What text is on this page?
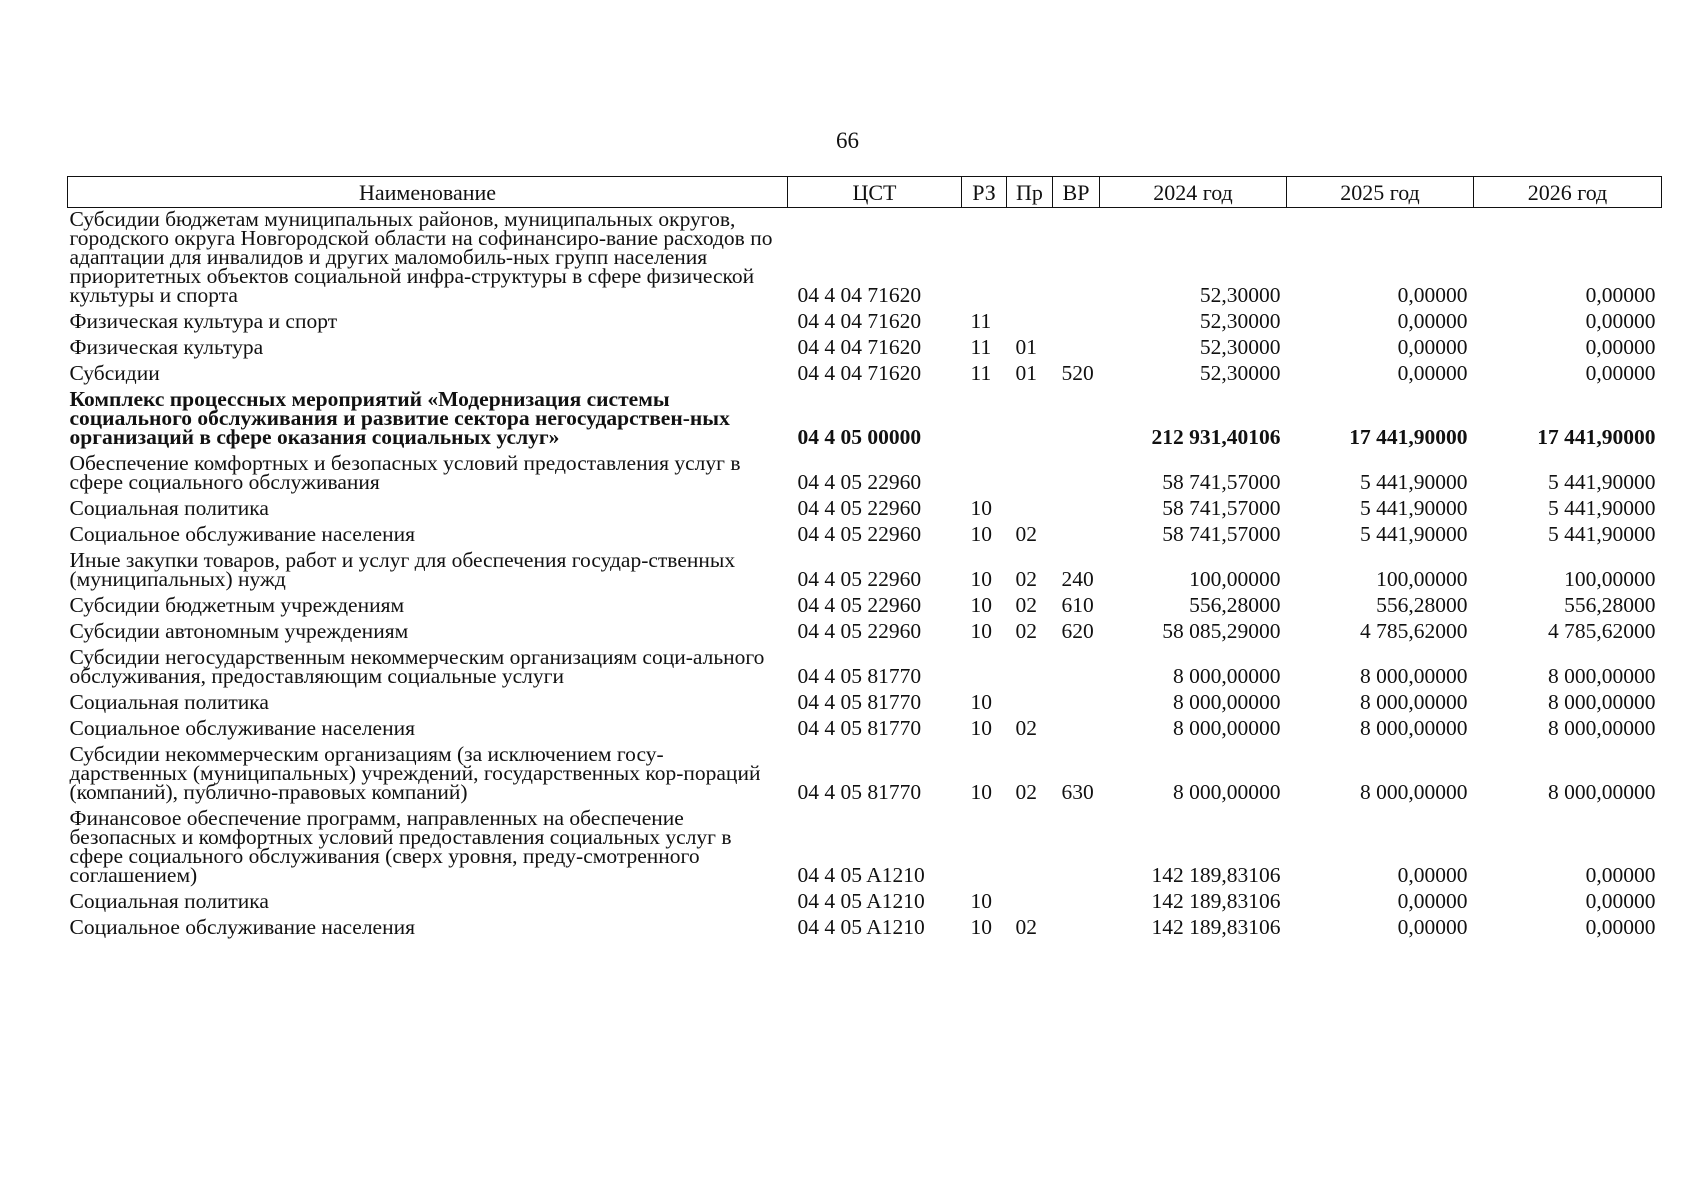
66
Наименование	ЦСТ	РЗ	Пр	ВР	2024 год	2025 год	2026 год
Субсидии бюджетам муниципальных районов, муниципальных округов, городского округа Новгородской области на софинансиро-вание расходов по адаптации для инвалидов и других маломобиль-ных групп населения приоритетных объектов социальной инфра-структуры в сфере физической культуры и спорта	04 4 04 71620				52,30000	0,00000	0,00000
Физическая культура и спорт	04 4 04 71620	11			52,30000	0,00000	0,00000
Физическая культура	04 4 04 71620	11	01		52,30000	0,00000	0,00000
Субсидии	04 4 04 71620	11	01	520	52,30000	0,00000	0,00000
Комплекс процессных мероприятий «Модернизация системы социального обслуживания и развитие сектора негосударствен-ных организаций в сфере оказания социальных услуг»	04 4 05 00000				212 931,40106	17 441,90000	17 441,90000
Обеспечение комфортных и безопасных условий предоставления услуг в сфере социального обслуживания	04 4 05 22960				58 741,57000	5 441,90000	5 441,90000
Социальная политика	04 4 05 22960	10			58 741,57000	5 441,90000	5 441,90000
Социальное обслуживание населения	04 4 05 22960	10	02		58 741,57000	5 441,90000	5 441,90000
Иные закупки товаров, работ и услуг для обеспечения государ-ственных (муниципальных) нужд	04 4 05 22960	10	02	240	100,00000	100,00000	100,00000
Субсидии бюджетным учреждениям	04 4 05 22960	10	02	610	556,28000	556,28000	556,28000
Субсидии автономным учреждениям	04 4 05 22960	10	02	620	58 085,29000	4 785,62000	4 785,62000
Субсидии негосударственным некоммерческим организациям соци-ального обслуживания, предоставляющим социальные услуги	04 4 05 81770				8 000,00000	8 000,00000	8 000,00000
Социальная политика	04 4 05 81770	10			8 000,00000	8 000,00000	8 000,00000
Социальное обслуживание населения	04 4 05 81770	10	02		8 000,00000	8 000,00000	8 000,00000
Субсидии некоммерческим организациям (за исключением госу-дарственных (муниципальных) учреждений, государственных кор-пораций (компаний), публично-правовых компаний)	04 4 05 81770	10	02	630	8 000,00000	8 000,00000	8 000,00000
Финансовое обеспечение программ, направленных на обеспечение безопасных и комфортных условий предоставления социальных услуг в сфере социального обслуживания (сверх уровня, преду-смотренного соглашением)	04 4 05 A1210				142 189,83106	0,00000	0,00000
Социальная политика	04 4 05 A1210	10			142 189,83106	0,00000	0,00000
Социальное обслуживание населения	04 4 05 A1210	10	02		142 189,83106	0,00000	0,00000
